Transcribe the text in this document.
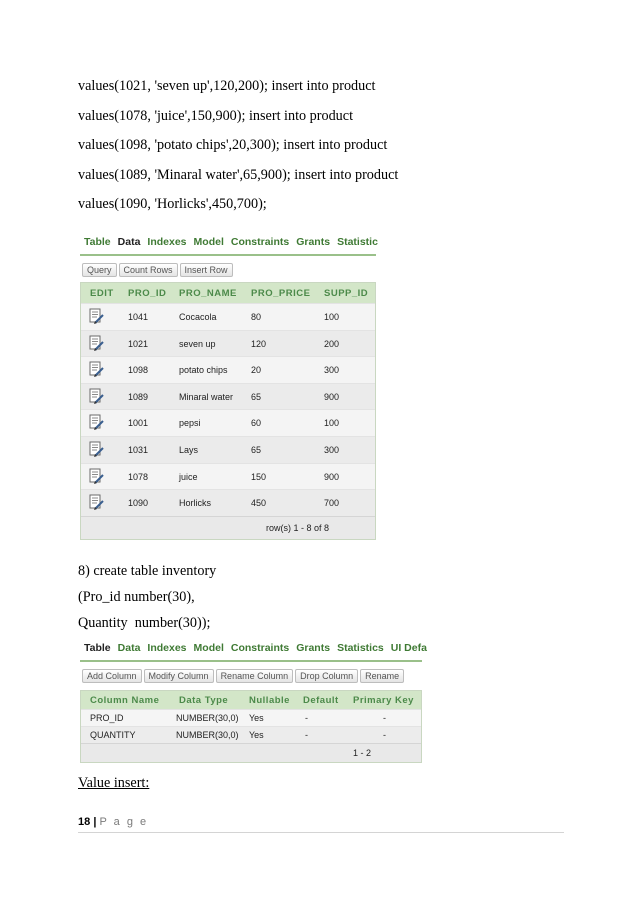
values(1021, 'seven up',120,200); insert into product
values(1078, 'juice',150,900); insert into product
values(1098, 'potato chips',20,300); insert into product
values(1089, 'Minaral water',65,900); insert into product
values(1090, 'Horlicks',450,700);
Table Data Indexes Model Constraints Grants Statistic
Query Count Rows Insert Row
EDIT PRO_ID PRO_NAME PRO_PRICE SUPP_ID
1041	Cocacola	80	100
1021	seven up	120	200
1098	potato chips	20	300
1089	Minaral water 65	900
1001	pepsi	60	100
1031	Lays	65	300
1078	juice	150	900
1090	Horlicks	450	700
row(s) 1 - 8 of 8
8) create table inventory
(Pro_id number(30),
Quantity  number(30));
Table Data Indexes Model Constraints Grants Statistics UI Defa
Add Column Modify Column Rename Column Drop Column Rename
Column Name Data Type Nullable Default Primary Key
PRO_ID	NUMBER(30,0) Yes	-	-
QUANTITY	NUMBER(30,0) Yes	-	-
1 - 2
Value insert:
18 | P a g e
